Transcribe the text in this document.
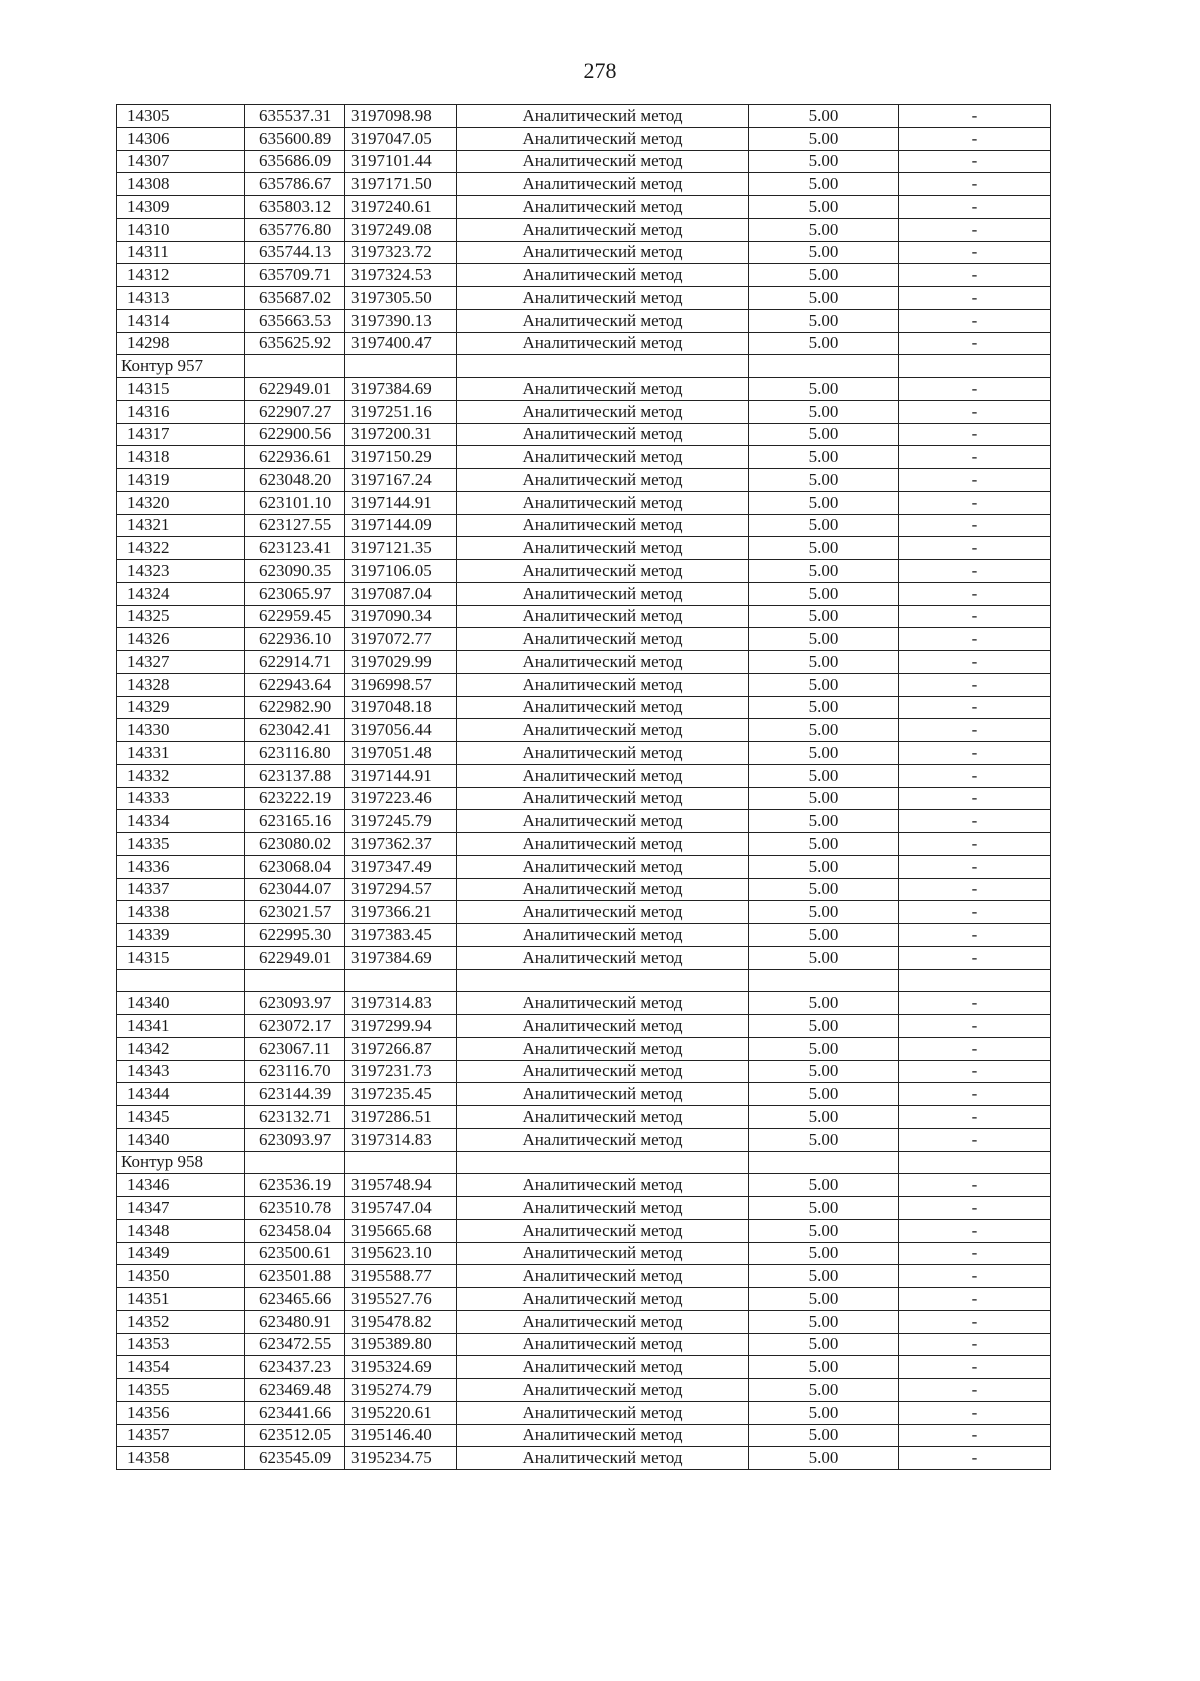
278
14305	635537.31	3197098.98	Аналитический метод	5.00	-
14306	635600.89	3197047.05	Аналитический метод	5.00	-
14307	635686.09	3197101.44	Аналитический метод	5.00	-
14308	635786.67	3197171.50	Аналитический метод	5.00	-
14309	635803.12	3197240.61	Аналитический метод	5.00	-
14310	635776.80	3197249.08	Аналитический метод	5.00	-
14311	635744.13	3197323.72	Аналитический метод	5.00	-
14312	635709.71	3197324.53	Аналитический метод	5.00	-
14313	635687.02	3197305.50	Аналитический метод	5.00	-
14314	635663.53	3197390.13	Аналитический метод	5.00	-
14298	635625.92	3197400.47	Аналитический метод	5.00	-
Контур 957					
14315	622949.01	3197384.69	Аналитический метод	5.00	-
14316	622907.27	3197251.16	Аналитический метод	5.00	-
14317	622900.56	3197200.31	Аналитический метод	5.00	-
14318	622936.61	3197150.29	Аналитический метод	5.00	-
14319	623048.20	3197167.24	Аналитический метод	5.00	-
14320	623101.10	3197144.91	Аналитический метод	5.00	-
14321	623127.55	3197144.09	Аналитический метод	5.00	-
14322	623123.41	3197121.35	Аналитический метод	5.00	-
14323	623090.35	3197106.05	Аналитический метод	5.00	-
14324	623065.97	3197087.04	Аналитический метод	5.00	-
14325	622959.45	3197090.34	Аналитический метод	5.00	-
14326	622936.10	3197072.77	Аналитический метод	5.00	-
14327	622914.71	3197029.99	Аналитический метод	5.00	-
14328	622943.64	3196998.57	Аналитический метод	5.00	-
14329	622982.90	3197048.18	Аналитический метод	5.00	-
14330	623042.41	3197056.44	Аналитический метод	5.00	-
14331	623116.80	3197051.48	Аналитический метод	5.00	-
14332	623137.88	3197144.91	Аналитический метод	5.00	-
14333	623222.19	3197223.46	Аналитический метод	5.00	-
14334	623165.16	3197245.79	Аналитический метод	5.00	-
14335	623080.02	3197362.37	Аналитический метод	5.00	-
14336	623068.04	3197347.49	Аналитический метод	5.00	-
14337	623044.07	3197294.57	Аналитический метод	5.00	-
14338	623021.57	3197366.21	Аналитический метод	5.00	-
14339	622995.30	3197383.45	Аналитический метод	5.00	-
14315	622949.01	3197384.69	Аналитический метод	5.00	-

14340	623093.97	3197314.83	Аналитический метод	5.00	-
14341	623072.17	3197299.94	Аналитический метод	5.00	-
14342	623067.11	3197266.87	Аналитический метод	5.00	-
14343	623116.70	3197231.73	Аналитический метод	5.00	-
14344	623144.39	3197235.45	Аналитический метод	5.00	-
14345	623132.71	3197286.51	Аналитический метод	5.00	-
14340	623093.97	3197314.83	Аналитический метод	5.00	-
Контур 958					
14346	623536.19	3195748.94	Аналитический метод	5.00	-
14347	623510.78	3195747.04	Аналитический метод	5.00	-
14348	623458.04	3195665.68	Аналитический метод	5.00	-
14349	623500.61	3195623.10	Аналитический метод	5.00	-
14350	623501.88	3195588.77	Аналитический метод	5.00	-
14351	623465.66	3195527.76	Аналитический метод	5.00	-
14352	623480.91	3195478.82	Аналитический метод	5.00	-
14353	623472.55	3195389.80	Аналитический метод	5.00	-
14354	623437.23	3195324.69	Аналитический метод	5.00	-
14355	623469.48	3195274.79	Аналитический метод	5.00	-
14356	623441.66	3195220.61	Аналитический метод	5.00	-
14357	623512.05	3195146.40	Аналитический метод	5.00	-
14358	623545.09	3195234.75	Аналитический метод	5.00	-
